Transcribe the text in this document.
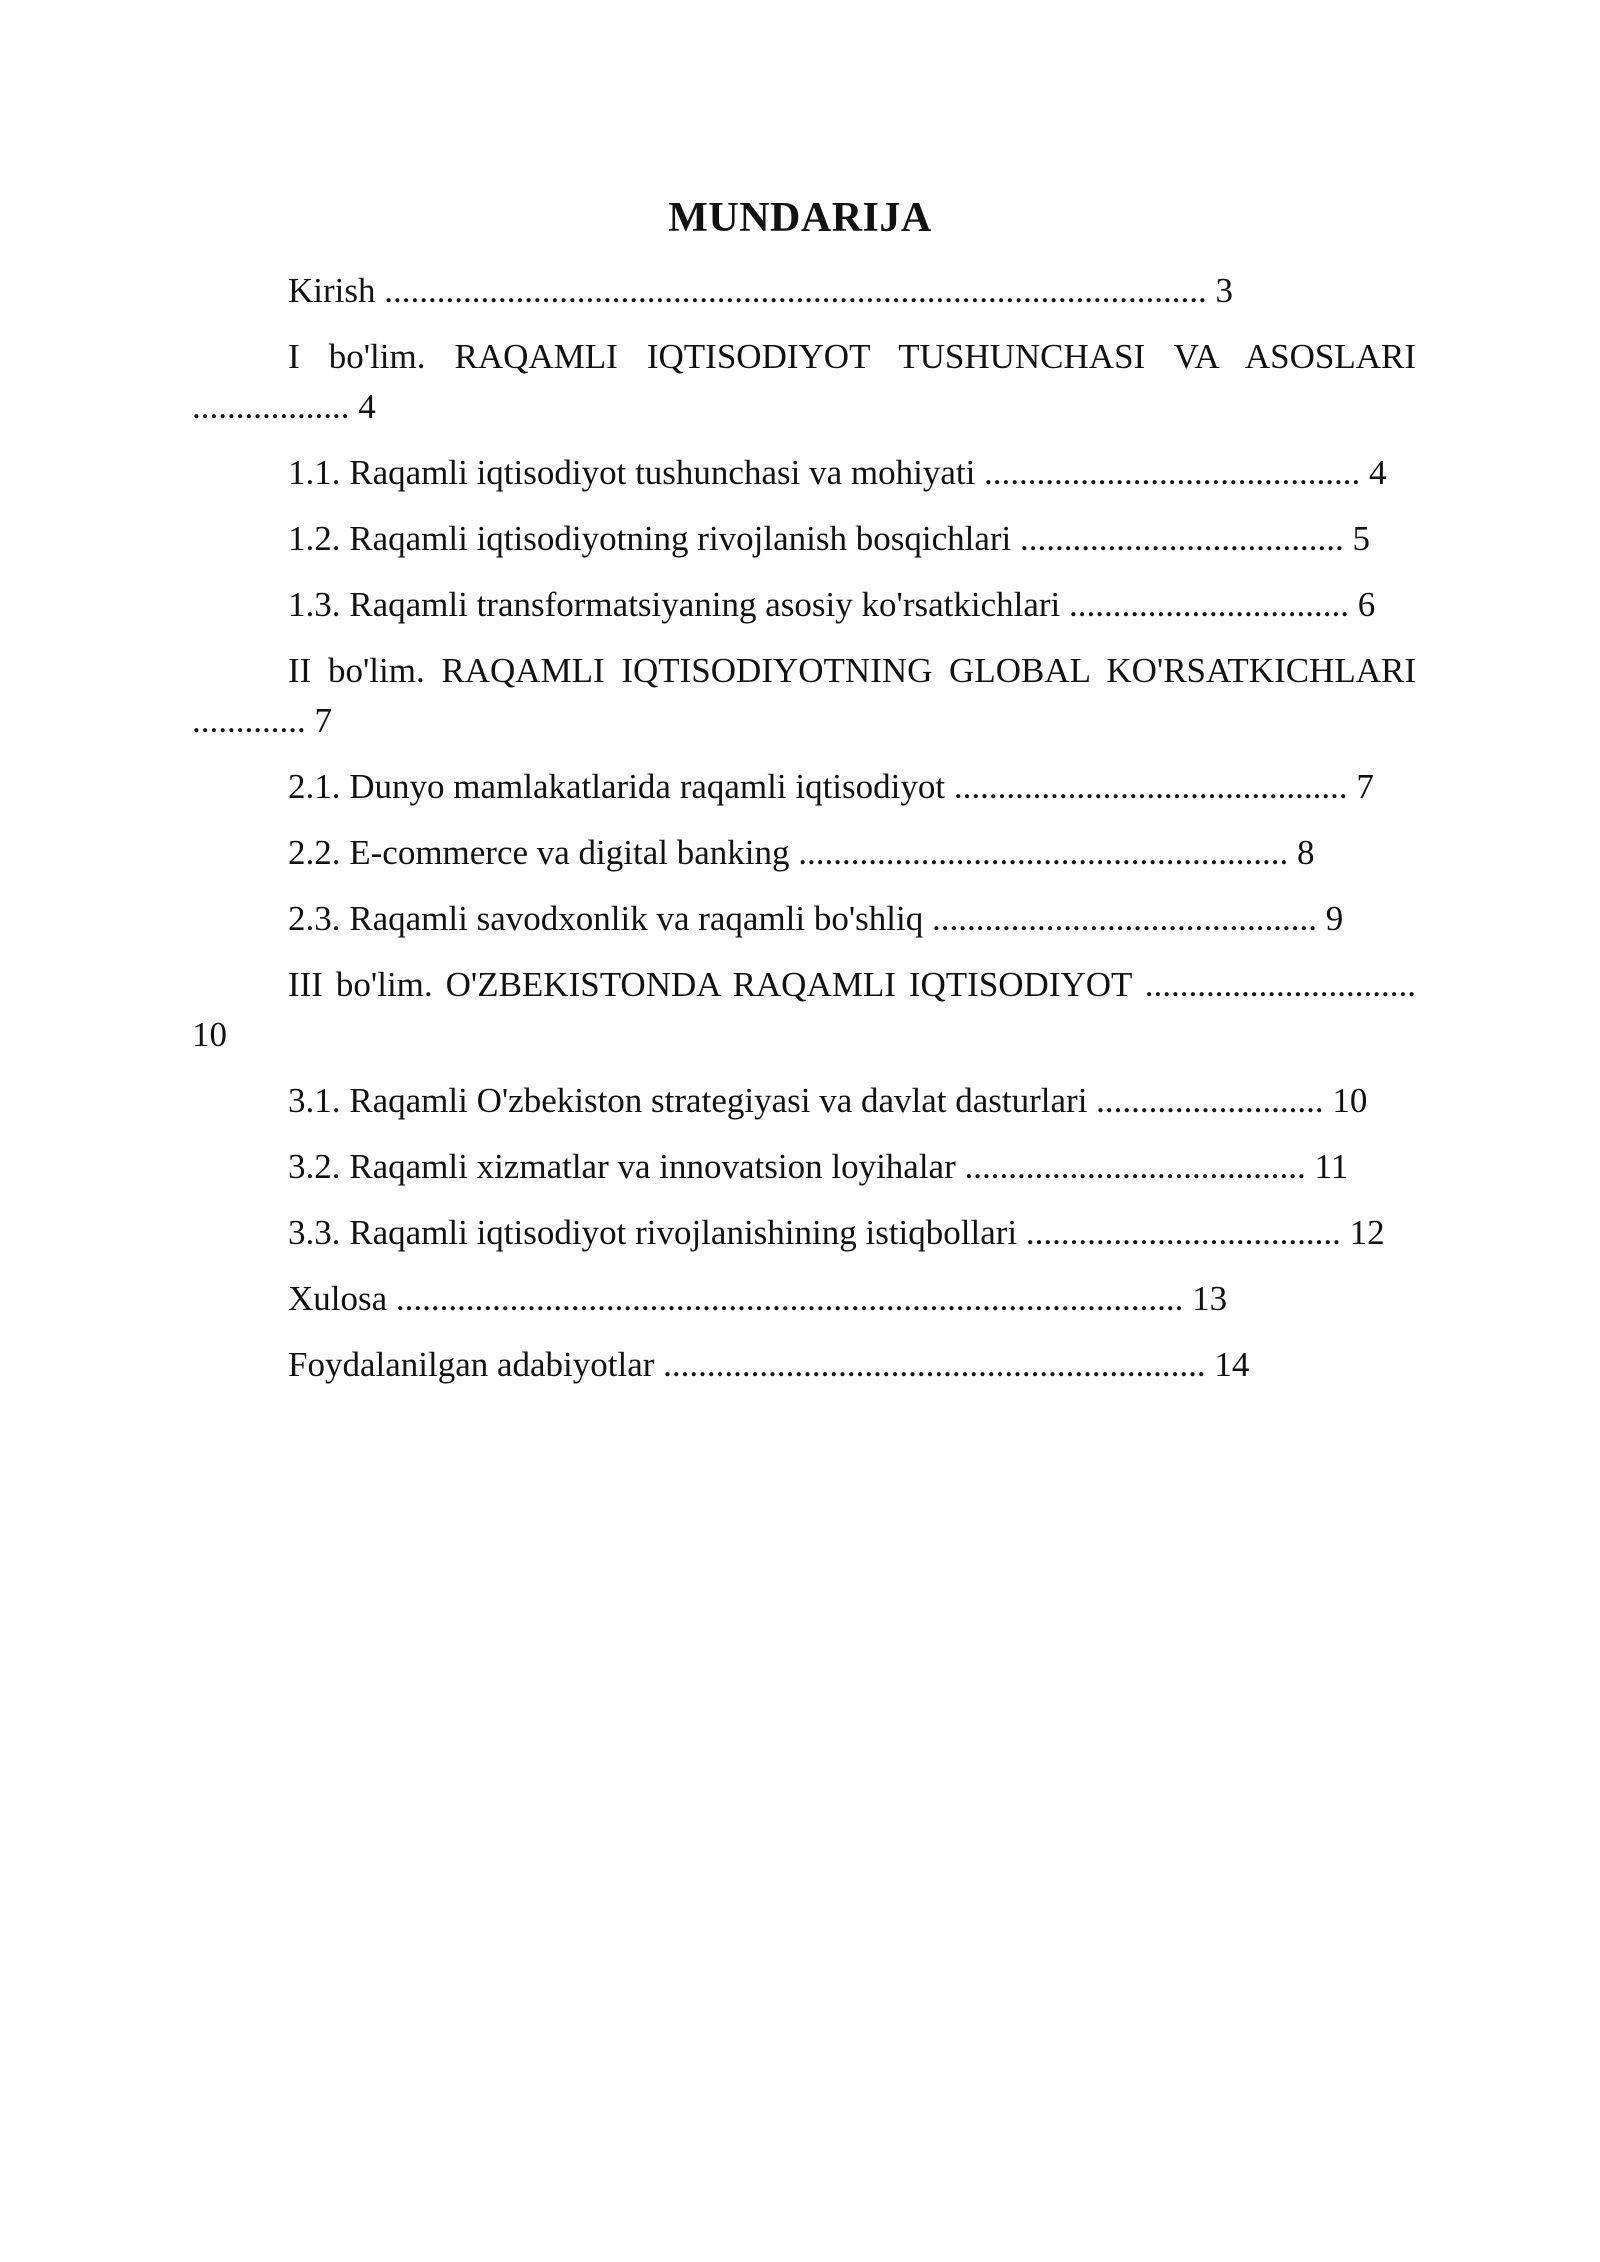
MUNDARIJA
Kirish .............................................................................................. 3
I bo'lim. RAQAMLI IQTISODIYOT TUSHUNCHASI VA ASOSLARI .................. 4
1.1. Raqamli iqtisodiyot tushunchasi va mohiyati ........................................... 4
1.2. Raqamli iqtisodiyotning rivojlanish bosqichlari ..................................... 5
1.3. Raqamli transformatsiyaning asosiy ko'rsatkichlari ................................ 6
II bo'lim. RAQAMLI IQTISODIYOTNING GLOBAL KO'RSATKICHLARI ............. 7
2.1. Dunyo mamlakatlarida raqamli iqtisodiyot ............................................. 7
2.2. E-commerce va digital banking ........................................................ 8
2.3. Raqamli savodxonlik va raqamli bo'shliq ............................................ 9
III bo'lim. O'ZBEKISTONDA RAQAMLI IQTISODIYOT ............................... 10
3.1. Raqamli O'zbekiston strategiyasi va davlat dasturlari .......................... 10
3.2. Raqamli xizmatlar va innovatsion loyihalar ....................................... 11
3.3. Raqamli iqtisodiyot rivojlanishining istiqbollari .................................... 12
Xulosa .......................................................................................... 13
Foydalanilgan adabiyotlar .............................................................. 14
